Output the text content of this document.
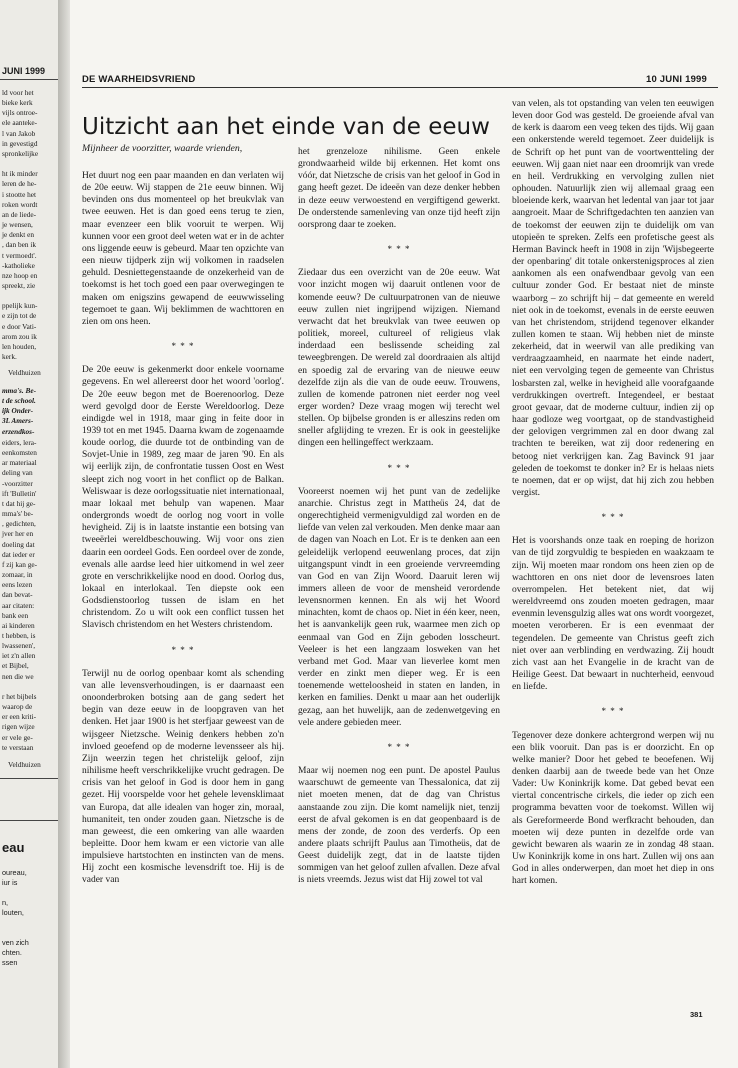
JUNI 1999
ld voor het
bieke kerk
vijls ontroe-
ele aanteke-
l van Jakob
in gevestigd
spronkelijke

ht ik minder
leren de he-
i stootte het
roken wordt
an de liede-
je wensen,
je denkt en
, dan ben ik
t vermoedt'.
-katholieke
nze hoop en
spreekt, zie

ppelijk kun-
e zijn tot de
e door Vati-
arom zou ik
len houden,
kerk.
Veldhuizen
mma's. Be-
t de school.
ijk Onder-
3L Amers-
erzendkos-
eiders, lera-
eenkomsten
ar materiaal
deling van
-voorzitter
ift 'Bulletin'
t dat hij ge-
mma's' be-
, gedichten,
jver her en
doeling dat
dat ieder er
f zij kan ge-
zomaar, in
eens lezen
dan bevat-
aar citaten:
bank een
ai kinderen
t hebben, is
lwassenen',
iet z'n allen
et Bijbel,
nen die we

r het bijbels
waarop de
er een kriti-
rigen wijze
er vele ge-
te verstaan
Veldhuizen
eau
oureau,
iur is

n,
louten,

ven zich
chten.
ssen
DE WAARHEIDSVRIEND	10 JUNI 1999
Uitzicht aan het einde van de eeuw
Mijnheer de voorzitter, waarde vrienden,

Het duurt nog een paar maanden en dan verlaten wij de 20e eeuw. Wij stappen de 21e eeuw binnen. Wij bevinden ons dus momenteel op het breukvlak van twee eeuwen. Het is dan goed eens terug te zien, maar evenzeer een blik vooruit te werpen. Wij kunnen voor een groot deel weten wat er in de achter ons liggende eeuw is gebeurd. Maar ten opzichte van een nieuw tijdperk zijn wij volkomen in raadselen gehuld. Desniettegenstaande de onzekerheid van de toekomst is het toch goed een paar overwegingen te maken om enigszins gewapend de eeuwwisseling tegemoet te gaan. Wij beklimmen de wachttoren en zien om ons heen.

* * *

De 20e eeuw is gekenmerkt door enkele voorname gegevens. En wel allereerst door het woord 'oorlog'. De 20e eeuw begon met de Boerenoorlog. Deze werd gevolgd door de Eerste Wereldoorlog. Deze eindigde wel in 1918, maar ging in feite door in 1939 tot en met 1945. Daarna kwam de zogenaamde koude oorlog, die duurde tot de ontbinding van de Sovjet-Unie in 1989, zeg maar de jaren '90. En als wij eerlijk zijn, de confrontatie tussen Oost en West sleept zich nog voort in het conflict op de Balkan. Weliswaar is deze oorlogssituatie niet internationaal, maar lokaal met behulp van wapenen. Maar ondergronds woedt de oorlog nog voort in volle hevigheid. Zij is in laatste instantie een botsing van tweeërlei wereldbeschouwing. Wij voor ons zien daarin een oordeel Gods. Een oordeel over de zonde, evenals alle aardse leed hier uitkomend in wel zeer grote en verschrikkelijke nood en dood. Oorlog dus, lokaal en interlokaal. Ten diepste ook een Godsdienstoorlog tussen de islam en het christendom. Zo u wilt ook een conflict tussen het Slavisch christendom en het Westers christendom.

* * *

Terwijl nu de oorlog openbaar komt als schending van alle levensverhoudingen, is er daarnaast een onoonderbroken botsing aan de gang sedert het begin van deze eeuw in de loopgraven van het denken. Het jaar 1900 is het sterfjaar geweest van de wijsgeer Nietzsche. Weinig denkers hebben zo'n invloed geoefend op de moderne levensseer als hij. Zijn weerzin tegen het christelijk geloof, zijn nihilisme heeft verschrikkelijke vrucht gedragen. De crisis van het geloof in God is door hem in gang gezet. Hij voorspelde voor het gehele levensklimaat van Europa, dat alle idealen van hoger zin, moraal, humaniteit, ten onder zouden gaan. Nietzsche is de man geweest, die een omkering van alle waarden bepleitte. Door hem kwam er een victorie van alle impulsieve hartstochten en instincten van de mens. Hij zocht een kosmische levensdrift toe. Hij is de vader van

het grenzeloze nihilisme. Geen enkele grondwaarheid wilde bij erkennen. Het komt ons vóór, dat Nietzsche de crisis van het geloof in God in gang heeft gezet. De ideeën van deze denker hebben in deze eeuw verwoestend en vergiftigend gewerkt. De onderstende samenleving van onze tijd heeft zijn oorsprong daar te zoeken.

* * *

Ziedaar dus een overzicht van de 20e eeuw. Wat voor inzicht mogen wij daaruit ontlenen voor de komende eeuw? De cultuurpatronen van de nieuwe eeuw zullen niet ingrijpend wijzigen. Niemand verwacht dat het breukvlak van twee eeuwen op politiek, moreel, cultureel of religieus vlak inderdaad een beslissende scheiding zal teweegbrengen. De wereld zal doordraaien als altijd en spoedig zal de ervaring van de nieuwe eeuw dezelfde zijn als die van de oude eeuw. Trouwens, zullen de komende patronen niet eerder nog veel erger worden? Deze vraag mogen wij terecht wel stellen. Op bijbelse gronden is er alleszins reden om sneller afglijding te vrezen. Er is ook in geestelijke dingen een hellingeffect werkzaam.

* * *

Vooreerst noemen wij het punt van de zedelijke anarchie. Christus zegt in Mattheüs 24, dat de ongerechtigheid vermenigvuldigd zal worden en de liefde van velen zal verkouden. Men denke maar aan de dagen van Noach en Lot. Er is te denken aan een geleidelijk verlopend eeuwenlang proces, dat zijn uitgangspunt vindt in een groeiende vervreemding van God en van Zijn Woord. Daaruit leren wij immers alleen de voor de mensheid verordende levensnormen kennen. En als wij het Woord minachten, komt de chaos op. Niet in één keer, neen, het is aanvankelijk geen ruk, waarmee men zich op eenmaal van God en Zijn geboden losscheurt. Veeleer is het een langzaam losweken van het verband met God. Maar van lieverlee komt men verder en zinkt men dieper weg. Er is een toenemende wetteloosheid in staten en landen, in kerken en families. Denkt u maar aan het ouderlijk gezag, aan het huwelijk, aan de zedenwetgeving en vele andere gebieden meer.

* * *

Maar wij noemen nog een punt. De apostel Paulus waarschuwt de gemeente van Thessalonica, dat zij niet moeten menen, dat de dag van Christus aanstaande zou zijn. Die komt namelijk niet, tenzij eerst de afval gekomen is en dat geopenbaard is de mens der zonde, de zoon des verderfs. Op een andere plaats schrijft Paulus aan Timotheüs, dat de Geest duidelijk zegt, dat in de laatste tijden sommigen van het geloof zullen afvallen. Deze afval is niets vreemds. Jezus wist dat Hij zowel tot val

van velen, als tot opstanding van velen ten eeuwigen leven door God was gesteld. De groeiende afval van de kerk is daarom een veeg teken des tijds. Wij gaan een onkerstende wereld tegemoet. Zeer duidelijk is de Schrift op het punt van de voortwentteling der eeuwen. Wij gaan niet naar een droomrijk van vrede en heil. Verdrukking en vervolging zullen niet ophouden. Natuurlijk zien wij allemaal graag een bloeiende kerk, waarvan het ledental van jaar tot jaar aangroeit. Maar de Schriftgedachten ten aanzien van de toekomst der eeuwen zijn te duidelijk om van utopieën te spreken. Zelfs een profetische geest als Herman Bavinck heeft in 1908 in zijn 'Wijsbegeerte der openbaring' dit totale onkerstenigsproces al zien aankomen als een onafwendbaar gevolg van een cultuur zonder God. Er bestaat niet de minste waarborg – zo schrijft hij – dat gemeente en wereld niet ook in de toekomst, evenals in de eerste eeuwen van het christendom, strijdend tegenover elkander zullen komen te staan. Wij hebben niet de minste zekerheid, dat in weerwil van alle prediking van verdraagzaamheid, en naarmate het einde nadert, niet een vervolging tegen de gemeente van Christus losbarsten zal, welke in hevigheid alle voorafgaande verdrukkingen overtreft. Integendeel, er bestaat groot gevaar, dat de moderne cultuur, indien zij op haar godloze weg voortgaat, op de standvastigheid der gelovigen vergrimmen zal en door dwang zal trachten te bereiken, wat zij door redenering en betoog niet verkrijgen kan. Zag Bavinck 91 jaar geleden de toekomst te donker in? Er is helaas niets te noemen, dat er op wijst, dat hij zich zou hebben vergist.

* * *

Het is voorshands onze taak en roeping de horizon van de tijd zorgvuldig te bespieden en waakzaam te zijn. Wij moeten maar rondom ons heen zien op de wachttoren en ons niet door de levensroes laten overrompelen. Het betekent niet, dat wij wereldvreemd ons zouden moeten gedragen, maar evenmin levensgulzig alles wat ons wordt voorgezet, moeten verorberen. Er is een evenmaat der tegendelen. De gemeente van Christus geeft zich niet over aan verblinding en verdwazing. Zij houdt zich vast aan het Evangelie in de kracht van de Heilige Geest. Dat bewaart in nuchterheid, eenvoud en liefde.

* * *

Tegenover deze donkere achtergrond werpen wij nu een blik vooruit. Dan pas is er doorzicht. En op welke manier? Door het gebed te beoefenen. Wij denken daarbij aan de tweede bede van het Onze Vader: Uw Koninkrijk kome. Dat gebed bevat een viertal concentrische cirkels, die ieder op zich een programma bevatten voor de toekomst. Willen wij als Gereformeerde Bond werfkracht behouden, dan moeten wij deze punten in dezelfde orde van gewicht bewaren als waarin ze in zondag 48 staan. Uw Koninkrijk kome in ons hart. Zullen wij ons aan God in alles onderwerpen, dan moet het diep in ons hart komen.

381
